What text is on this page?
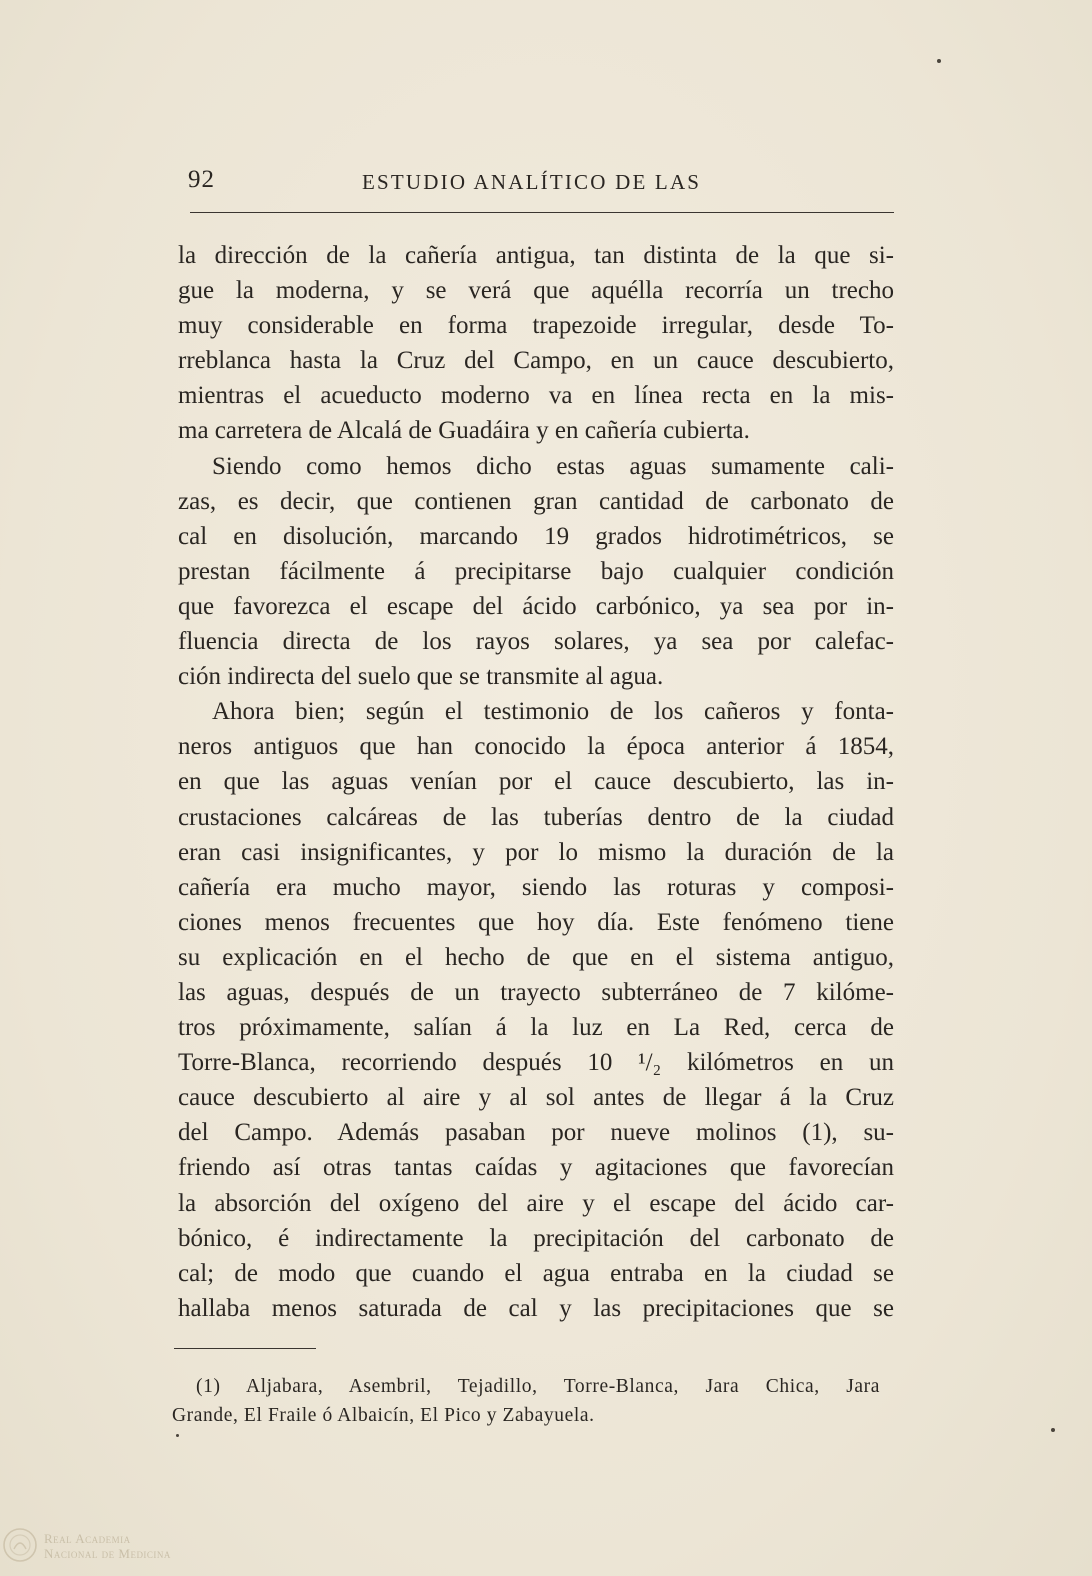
92	ESTUDIO ANALÍTICO DE LAS
la dirección de la cañería antigua, tan distinta de la que si-
gue la moderna, y se verá que aquélla recorría un trecho
muy considerable en forma trapezoide irregular, desde To-
rreblanca hasta la Cruz del Campo, en un cauce descubierto,
mientras el acueducto moderno va en línea recta en la mis-
ma carretera de Alcalá de Guadáira y en cañería cubierta.
Siendo como hemos dicho estas aguas sumamente cali-
zas, es decir, que contienen gran cantidad de carbonato de
cal en disolución, marcando 19 grados hidrotimétricos, se
prestan fácilmente á precipitarse bajo cualquier condición
que favorezca el escape del ácido carbónico, ya sea por in-
fluencia directa de los rayos solares, ya sea por calefac-
ción indirecta del suelo que se transmite al agua.
Ahora bien; según el testimonio de los cañeros y fonta-
neros antiguos que han conocido la época anterior á 1854,
en que las aguas venían por el cauce descubierto, las in-
crustaciones calcáreas de las tuberías dentro de la ciudad
eran casi insignificantes, y por lo mismo la duración de la
cañería era mucho mayor, siendo las roturas y composi-
ciones menos frecuentes que hoy día. Este fenómeno tiene
su explicación en el hecho de que en el sistema antiguo,
las aguas, después de un trayecto subterráneo de 7 kilóme-
tros próximamente, salían á la luz en La Red, cerca de
Torre-Blanca, recorriendo después 10 ¹/₂ kilómetros en un
cauce descubierto al aire y al sol antes de llegar á la Cruz
del Campo. Además pasaban por nueve molinos (1), su-
friendo así otras tantas caídas y agitaciones que favorecían
la absorción del oxígeno del aire y el escape del ácido car-
bónico, é indirectamente la precipitación del carbonato de
cal; de modo que cuando el agua entraba en la ciudad se
hallaba menos saturada de cal y las precipitaciones que se
(1) Aljabara, Asembril, Tejadillo, Torre-Blanca, Jara Chica, Jara
Grande, El Fraile ó Albaicín, El Pico y Zabayuela.
Real Academia
Nacional de Medicina
